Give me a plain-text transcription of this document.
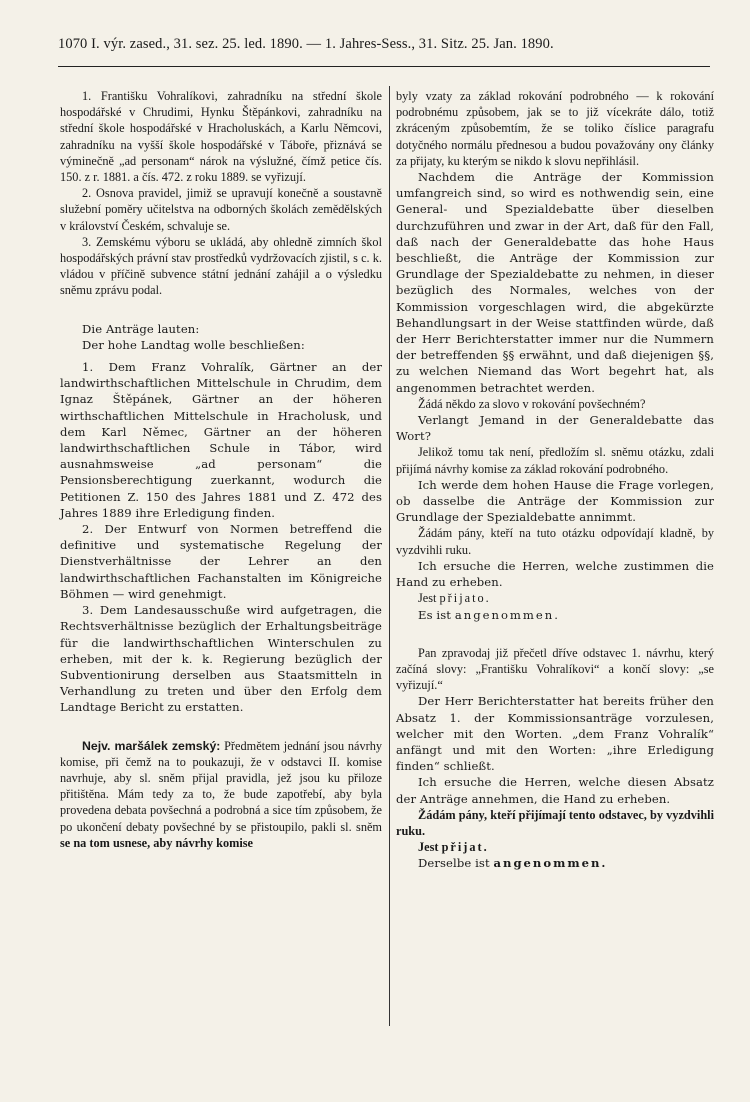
1070 I. výr. zased., 31. sez. 25. led. 1890. — 1. Jahres-Sess., 31. Sitz. 25. Jan. 1890.

1. Františku Vohralíkovi, zahradníku na střední škole hospodářské v Chrudimi, Hynku Štěpánkovi, zahradníku na střední škole hospodářské v Hracholuskách, a Karlu Němcovi, zahradníku na vyšší škole hospodářské v Táboře, přiznává se výminečně „ad personam“ nárok na výslužné, čímž petice čís. 150. z r. 1881. a čís. 472. z roku 1889. se vyřizují.

2. Osnova pravidel, jimiž se upravují konečně a soustavně služební poměry učitelstva na odborných školách zemědělských v království Českém, schvaluje se.

3. Zemskému výboru se ukládá, aby ohledně zimních škol hospodářských právní stav prostředků vydržovacích zjistil, s c. k. vládou v příčině subvence státní jednání zahájil a o výsledku sněmu zprávu podal.

Die Anträge lauten:

Der hohe Landtag wolle beschließen:

1. Dem Franz Vohralík, Gärtner an der landwirthschaftlichen Mittelschule in Chrudim, dem Ignaz Štěpánek, Gärtner an der höheren wirthschaftlichen Mittelschule in Hracholusk, und dem Karl Němec, Gärtner an der höheren landwirthschaftlichen Schule in Tábor, wird ausnahmsweise „ad personam“ die Pensionsberechtigung zuerkannt, wodurch die Petitionen Z. 150 des Jahres 1881 und Z. 472 des Jahres 1889 ihre Erledigung finden.

2. Der Entwurf von Normen betreffend die definitive und systematische Regelung der Dienstverhältnisse der Lehrer an den landwirthschaftlichen Fachanstalten im Königreiche Böhmen — wird genehmigt.

3. Dem Landesausschuße wird aufgetragen, die Rechtsverhältnisse bezüglich der Erhaltungsbeiträge für die landwirthschaftlichen Winterschulen zu erheben, mit der k. k. Regierung bezüglich der Subventionirung derselben aus Staatsmitteln in Verhandlung zu treten und über den Erfolg dem Landtage Bericht zu erstatten.

Nejv. maršálek zemský: Předmětem jednání jsou návrhy komise, při čemž na to poukazuji, že v odstavci II. komise navrhuje, aby sl. sněm přijal pravidla, jež jsou ku přiloze přitištěna. Mám tedy za to, že bude zapotřebí, aby byla provedena debata povšechná a podrobná a sice tím způsobem, že po ukončení debaty povšechné by se přistoupilo, pakli sl. sněm se na tom usnese, aby návrhy komise

byly vzaty za základ rokování podrobného — k rokování podrobnému způsobem, jak se to již vícekráte dálo, totiž zkráceným způsobemtím, že se toliko číslice paragrafu dotyčného normálu přednesou a budou považovány ony články za přijaty, ku kterým se nikdo k slovu nepřihlásil.

Nachdem die Anträge der Kommission umfangreich sind, so wird es nothwendig sein, eine General- und Spezialdebatte über dieselben durchzuführen und zwar in der Art, daß für den Fall, daß nach der Generaldebatte das hohe Haus beschließt, die Anträge der Kommission zur Grundlage der Spezialdebatte zu nehmen, in dieser bezüglich des Normales, welches von der Kommission vorgeschlagen wird, die abgekürzte Behandlungsart in der Weise stattfinden würde, daß der Herr Berichterstatter immer nur die Nummern der betreffenden §§ erwähnt, und daß diejenigen §§, zu welchen Niemand das Wort begehrt hat, als angenommen betrachtet werden.

Žádá někdo za slovo v rokování povšechném?

Verlangt Jemand in der Generaldebatte das Wort?

Jelikož tomu tak není, předložím sl. sněmu otázku, zdali přijímá návrhy komise za základ rokování podrobného.

Ich werde dem hohen Hause die Frage vorlegen, ob dasselbe die Anträge der Kommission zur Grundlage der Spezialdebatte annimmt.

Žádám pány, kteří na tuto otázku odpovídají kladně, by vyzdvihli ruku.

Ich ersuche die Herren, welche zustimmen die Hand zu erheben.

Jest přijato.

Es ist angenommen.

Pan zpravodaj již přečetl dříve odstavec 1. návrhu, který začíná slovy: „Františku Vohralíkovi“ a končí slovy: „se vyřizují.“

Der Herr Berichterstatter hat bereits früher den Absatz 1. der Kommissionsanträge vorzulesen, welcher mit den Worten. „dem Franz Vohralík“ anfängt und mit den Worten: „ihre Erledigung finden“ schließt.

Ich ersuche die Herren, welche diesen Absatz der Anträge annehmen, die Hand zu erheben.

Žádám pány, kteří přijímají tento odstavec, by vyzdvihli ruku.

Jest přijat.

Derselbe ist angenommen.
